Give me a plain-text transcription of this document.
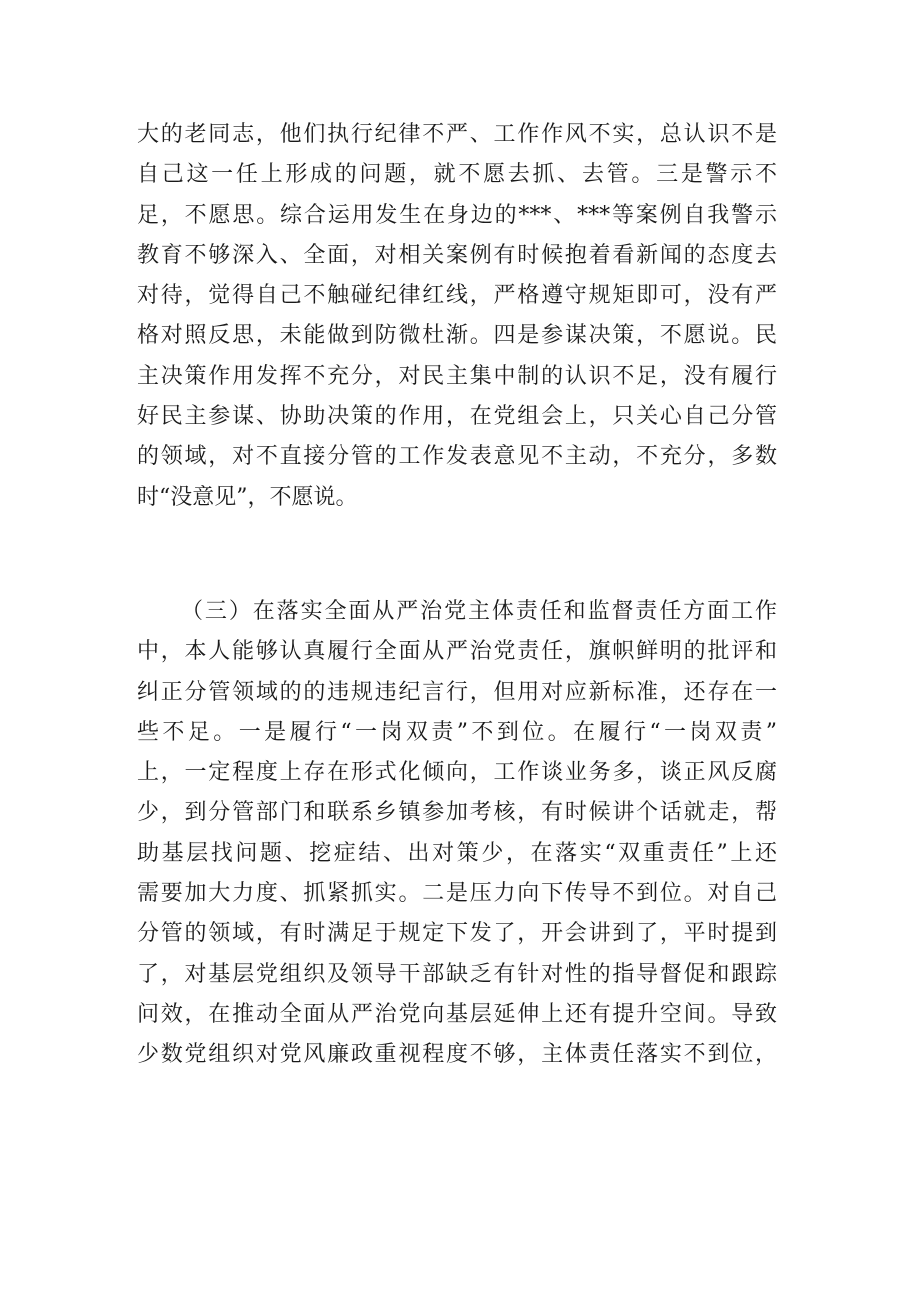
大的老同志，他们执行纪律不严、工作作风不实，总认识不是
自己这一任上形成的问题，就不愿去抓、去管。三是警示不
足，不愿思。综合运用发生在身边的***、***等案例自我警示
教育不够深入、全面，对相关案例有时候抱着看新闻的态度去
对待，觉得自己不触碰纪律红线，严格遵守规矩即可，没有严
格对照反思，未能做到防微杜渐。四是参谋决策，不愿说。民
主决策作用发挥不充分，对民主集中制的认识不足，没有履行
好民主参谋、协助决策的作用，在党组会上，只关心自己分管
的领域，对不直接分管的工作发表意见不主动，不充分，多数
时“没意见”，不愿说。
（三）在落实全面从严治党主体责任和监督责任方面工作
中，本人能够认真履行全面从严治党责任，旗帜鲜明的批评和
纠正分管领域的的违规违纪言行，但用对应新标准，还存在一
些不足。一是履行“一岗双责”不到位。在履行“一岗双责”
上，一定程度上存在形式化倾向，工作谈业务多，谈正风反腐
少，到分管部门和联系乡镇参加考核，有时候讲个话就走，帮
助基层找问题、挖症结、出对策少，在落实“双重责任”上还
需要加大力度、抓紧抓实。二是压力向下传导不到位。对自己
分管的领域，有时满足于规定下发了，开会讲到了，平时提到
了，对基层党组织及领导干部缺乏有针对性的指导督促和跟踪
问效，在推动全面从严治党向基层延伸上还有提升空间。导致
少数党组织对党风廉政重视程度不够，主体责任落实不到位，
